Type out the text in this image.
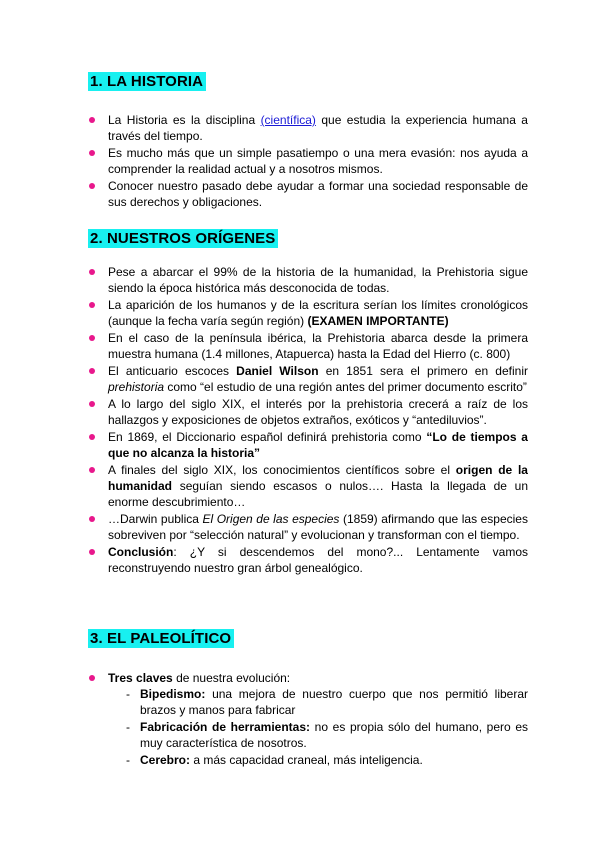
1. LA HISTORIA
La Historia es la disciplina (científica) que estudia la experiencia humana a través del tiempo.
Es mucho más que un simple pasatiempo o una mera evasión: nos ayuda a comprender la realidad actual y a nosotros mismos.
Conocer nuestro pasado debe ayudar a formar una sociedad responsable de sus derechos y obligaciones.
2. NUESTROS ORÍGENES
Pese a abarcar el 99% de la historia de la humanidad, la Prehistoria sigue siendo la época histórica más desconocida de todas.
La aparición de los humanos y de la escritura serían los límites cronológicos (aunque la fecha varía según región) (EXAMEN IMPORTANTE)
En el caso de la península ibérica, la Prehistoria abarca desde la primera muestra humana (1.4 millones, Atapuerca) hasta la Edad del Hierro (c. 800)
El anticuario escoces Daniel Wilson en 1851 sera el primero en definir prehistoria como “el estudio de una región antes del primer documento escrito”
A lo largo del siglo XIX, el interés por la prehistoria crecerá a raíz de los hallazgos y exposiciones de objetos extraños, exóticos y “antediluvios”.
En 1869, el Diccionario español definirá prehistoria como “Lo de tiempos a que no alcanza la historia”
A finales del siglo XIX, los conocimientos científicos sobre el origen de la humanidad seguían siendo escasos o nulos…. Hasta la llegada de un enorme descubrimiento…
…Darwin publica El Origen de las especies (1859) afirmando que las especies sobreviven por “selección natural” y evolucionan y transforman con el tiempo.
Conclusión: ¿Y si descendemos del mono?... Lentamente vamos reconstruyendo nuestro gran árbol genealógico.
3. EL PALEOLÍTICO
Tres claves de nuestra evolución:
- Bipedismo: una mejora de nuestro cuerpo que nos permitió liberar brazos y manos para fabricar
- Fabricación de herramientas: no es propia sólo del humano, pero es muy característica de nosotros.
- Cerebro: a más capacidad craneal, más inteligencia.
